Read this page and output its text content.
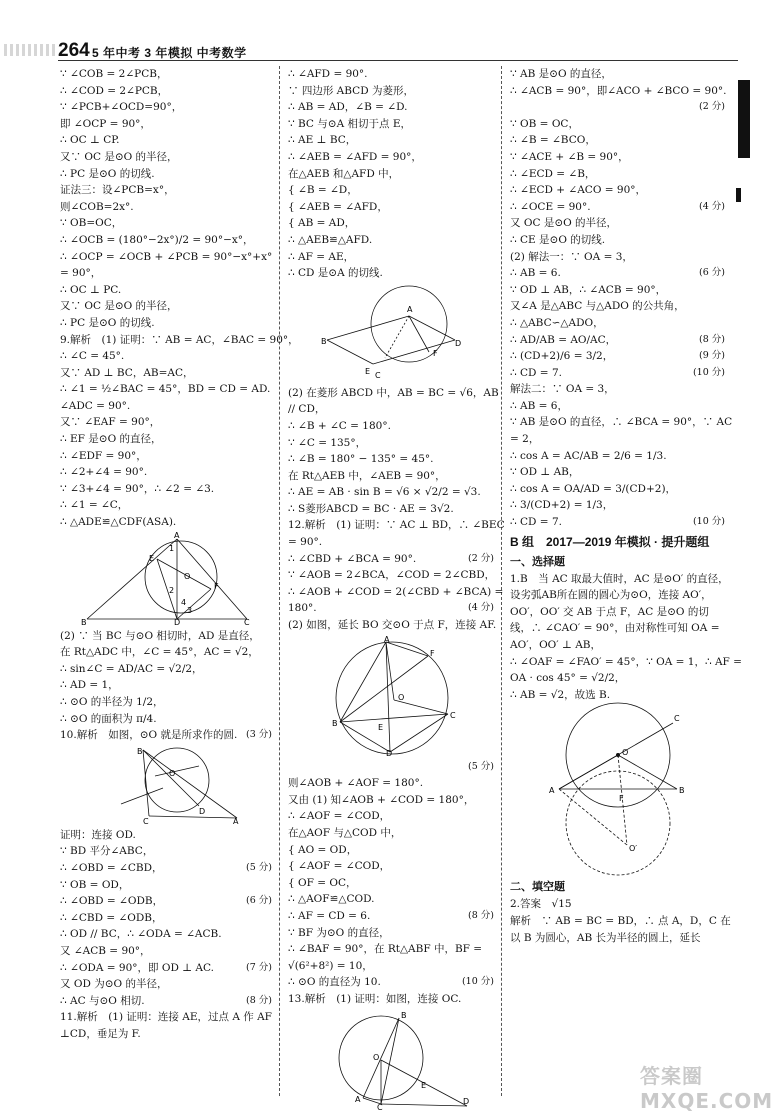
264 5 年中考 3 年模拟 中考数学
∵ ∠COB = 2∠PCB，
∴ ∠COD = 2∠PCB，
∵ ∠PCB+∠OCD=90°，
即 ∠OCP = 90°，
∴ OC ⊥ CP.
又∵ OC 是⊙O 的半径，
∴ PC 是⊙O 的切线.
证法三：设∠PCB=x°，
则∠COB=2x°.
∵ OB=OC，
∴ ∠OCB = (180°−2x°)/2 = 90°−x°，
∴ ∠OCP = ∠OCB + ∠PCB = 90°−x°+x°
= 90°，
∴ OC ⊥ PC.
又∵ OC 是⊙O 的半径，
∴ PC 是⊙O 的切线.
9.解析　(1) 证明：∵ AB = AC，∠BAC = 90°，
∴ ∠C = 45°.
又∵ AD ⊥ BC，AB=AC，
∴ ∠1 = ½∠BAC = 45°，BD = CD = AD.
∠ADC = 90°.
又∵ ∠EAF = 90°，
∴ EF 是⊙O 的直径，
∴ ∠EDF = 90°，
∴ ∠2+∠4 = 90°.
∵ ∠3+∠4 = 90°，∴ ∠2 = ∠3.
∴ ∠1 = ∠C，
∴ △ADE≌△CDF(ASA).
A
E
F
B	D	C
O
1
2
3
4
(2) ∵ 当 BC 与⊙O 相切时，AD 是直径，
在 Rt△ADC 中，∠C = 45°，AC = √2，
∴ sin∠C = AD/AC = √2/2，
∴ AD = 1，
∴ ⊙O 的半径为 1/2，
∴ ⊙O 的面积为 π/4.
10.解析　如图，⊙O 就是所求作的圆. (3 分)
B
O
C	A
D
证明：连接 OD.
∵ BD 平分∠ABC，
∴ ∠OBD = ∠CBD，	(5 分)
∵ OB = OD，
∴ ∠OBD = ∠ODB，	(6 分)
∴ ∠CBD = ∠ODB，
∴ OD // BC，∴ ∠ODA = ∠ACB.
又 ∠ACB = 90°，
∴ ∠ODA = 90°，即 OD ⊥ AC.	(7 分)
又 OD 为⊙O 的半径，
∴ AC 与⊙O 相切.	(8 分)
11.解析　(1) 证明：连接 AE，过点 A 作 AF
⊥CD，垂足为 F.
∴ ∠AFD = 90°.
∵ 四边形 ABCD 为菱形，
∴ AB = AD，∠B = ∠D.
∵ BC 与⊙A 相切于点 E，
∴ AE ⊥ BC，
∴ ∠AEB = ∠AFD = 90°，
在△AEB 和△AFD 中，
{ ∠B = ∠D，
{ ∠AEB = ∠AFD，
{ AB = AD，
∴ △AEB≌△AFD.
∴ AF = AE，
∴ CD 是⊙A 的切线.
A
B
C
D
E
F
(2) 在菱形 ABCD 中，AB = BC = √6，AB
// CD，
∴ ∠B + ∠C = 180°.
∵ ∠C = 135°，
∴ ∠B = 180° − 135° = 45°.
在 Rt△AEB 中，∠AEB = 90°，
∴ AE = AB · sin B = √6 × √2/2 = √3.
∴ S菱形ABCD = BC · AE = 3√2.
12.解析　(1) 证明：∵ AC ⊥ BD，∴ ∠BEC
= 90°.
∴ ∠CBD + ∠BCA = 90°.	(2 分)
∵ ∠AOB = 2∠BCA，∠COD = 2∠CBD，
∴ ∠AOB + ∠COD = 2(∠CBD + ∠BCA) =
180°.	(4 分)
(2) 如图，延长 BO 交⊙O 于点 F，连接 AF.
A
B
C
D
E
F
O
(5 分)
则∠AOB + ∠AOF = 180°.
又由 (1) 知∠AOB + ∠COD = 180°，
∴ ∠AOF = ∠COD，
在△AOF 与△COD 中，
{ AO = OD，
{ ∠AOF = ∠COD，
{ OF = OC，
∴ △AOF≌△COD.
∴ AF = CD = 6.	(8 分)
∵ BF 为⊙O 的直径，
∴ ∠BAF = 90°，在 Rt△ABF 中，BF =
√(6²+8²) = 10，
∴ ⊙O 的直径为 10.	(10 分)
13.解析　(1) 证明：如图，连接 OC.
B
O
A
C
E
D
∵ AB 是⊙O 的直径，
∴ ∠ACB = 90°，即∠ACO + ∠BCO = 90°.
(2 分)
∵ OB = OC，
∴ ∠B = ∠BCO，
∵ ∠ACE + ∠B = 90°，
∴ ∠ECD = ∠B，
∴ ∠ECD + ∠ACO = 90°，
∴ ∠OCE = 90°.	(4 分)
又 OC 是⊙O 的半径，
∴ CE 是⊙O 的切线.
(2) 解法一：∵ OA = 3，
∴ AB = 6.	(6 分)
∵ OD ⊥ AB，∴ ∠ACB = 90°，
又∠A 是△ABC 与△ADO 的公共角，
∴ △ABC∽△ADO，
∴ AD/AB = AO/AC，	(8 分)
∴ (CD+2)/6 = 3/2，	(9 分)
∴ CD = 7.	(10 分)
解法二：∵ OA = 3，
∴ AB = 6，
∵ AB 是⊙O 的直径，∴ ∠BCA = 90°，∵ AC
= 2，
∴ cos A = AC/AB = 2/6 = 1/3.
∵ OD ⊥ AB，
∴ cos A = OA/AD = 3/(CD+2)，
∴ 3/(CD+2) = 1/3，
∴ CD = 7.	(10 分)
B 组　2017—2019 年模拟 · 提升题组
一、选择题
1.B　当 AC 取最大值时，AC 是⊙O′ 的直径，
设劣弧AB所在圆的圆心为⊙O，连接 AO′，
OO′，OO′ 交 AB 于点 F，AC 是⊙O 的切
线，∴ ∠CAO′ = 90°，由对称性可知 OA =
AO′，OO′ ⊥ AB，
∴ ∠OAF = ∠FAO′ = 45°，∵ OA = 1，∴ AF =
OA · cos 45° = √2/2，
∴ AB = √2，故选 B.
C
O
A
F
B
O′
二、填空题
2.答案　√15
解析　∵ AB = BC = BD，∴ 点 A，D，C 在
以 B 为圆心，AB 长为半径的圆上，延长
答案圈 MXQE.COM
